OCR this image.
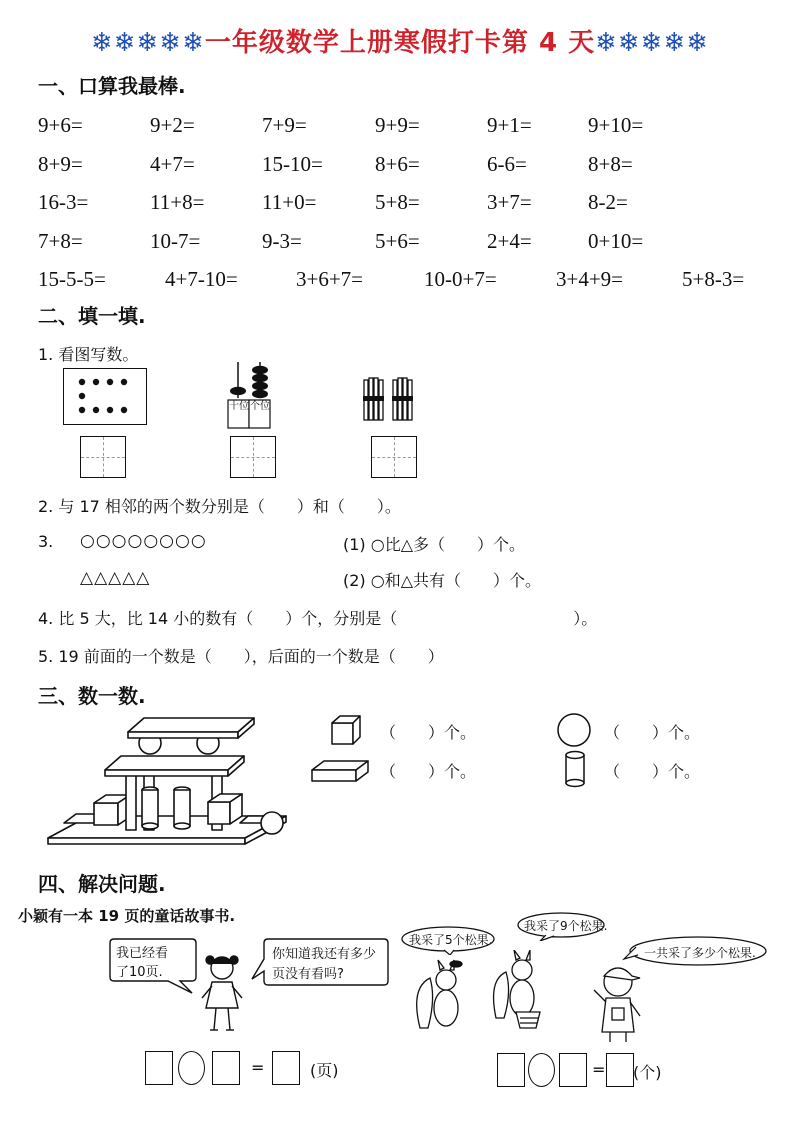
❄❄❄❄❄一年级数学上册寒假打卡第 4 天❄❄❄❄❄
一、口算我最棒.
9+6=	9+2=	7+9=	9+9=	9+1=	9+10=
8+9=	4+7=	15-10= 8+6=	6-6=	8+8=
16-3=	11+8=	11+0=	5+8=	3+7=	8-2=
7+8=	10-7=	9-3=	5+6=	2+4=	0+10=
15-5-5=	4+7-10=	3+6+7=	10-0+7=	3+4+9=	5+8-3=
二、填一填.
1. 看图写数。
十位 个位
2. 与 17 相邻的两个数分别是（　　）和（　　）。
3. ○○○○○○○○	(1) ○比△多（　　）个。
△△△△△	(2) ○和△共有（　　）个。
4. 比 5 大，比 14 小的数有（　　）个，分别是（　　　　　　　　　　　）。
5. 19 前面的一个数是（　　），后面的一个数是（　　）
三、数一数.
（　　）个。	（　　）个。
（　　）个。	（　　）个。
四、解决问题.
小颖有一本 19 页的童话故事书.
我已经看
了10页.
你知道我还有多少
页没有看吗?
=	(页)
我采了5个松果.
我采了9个松果.
一共采了多少个松果.
= (个)
